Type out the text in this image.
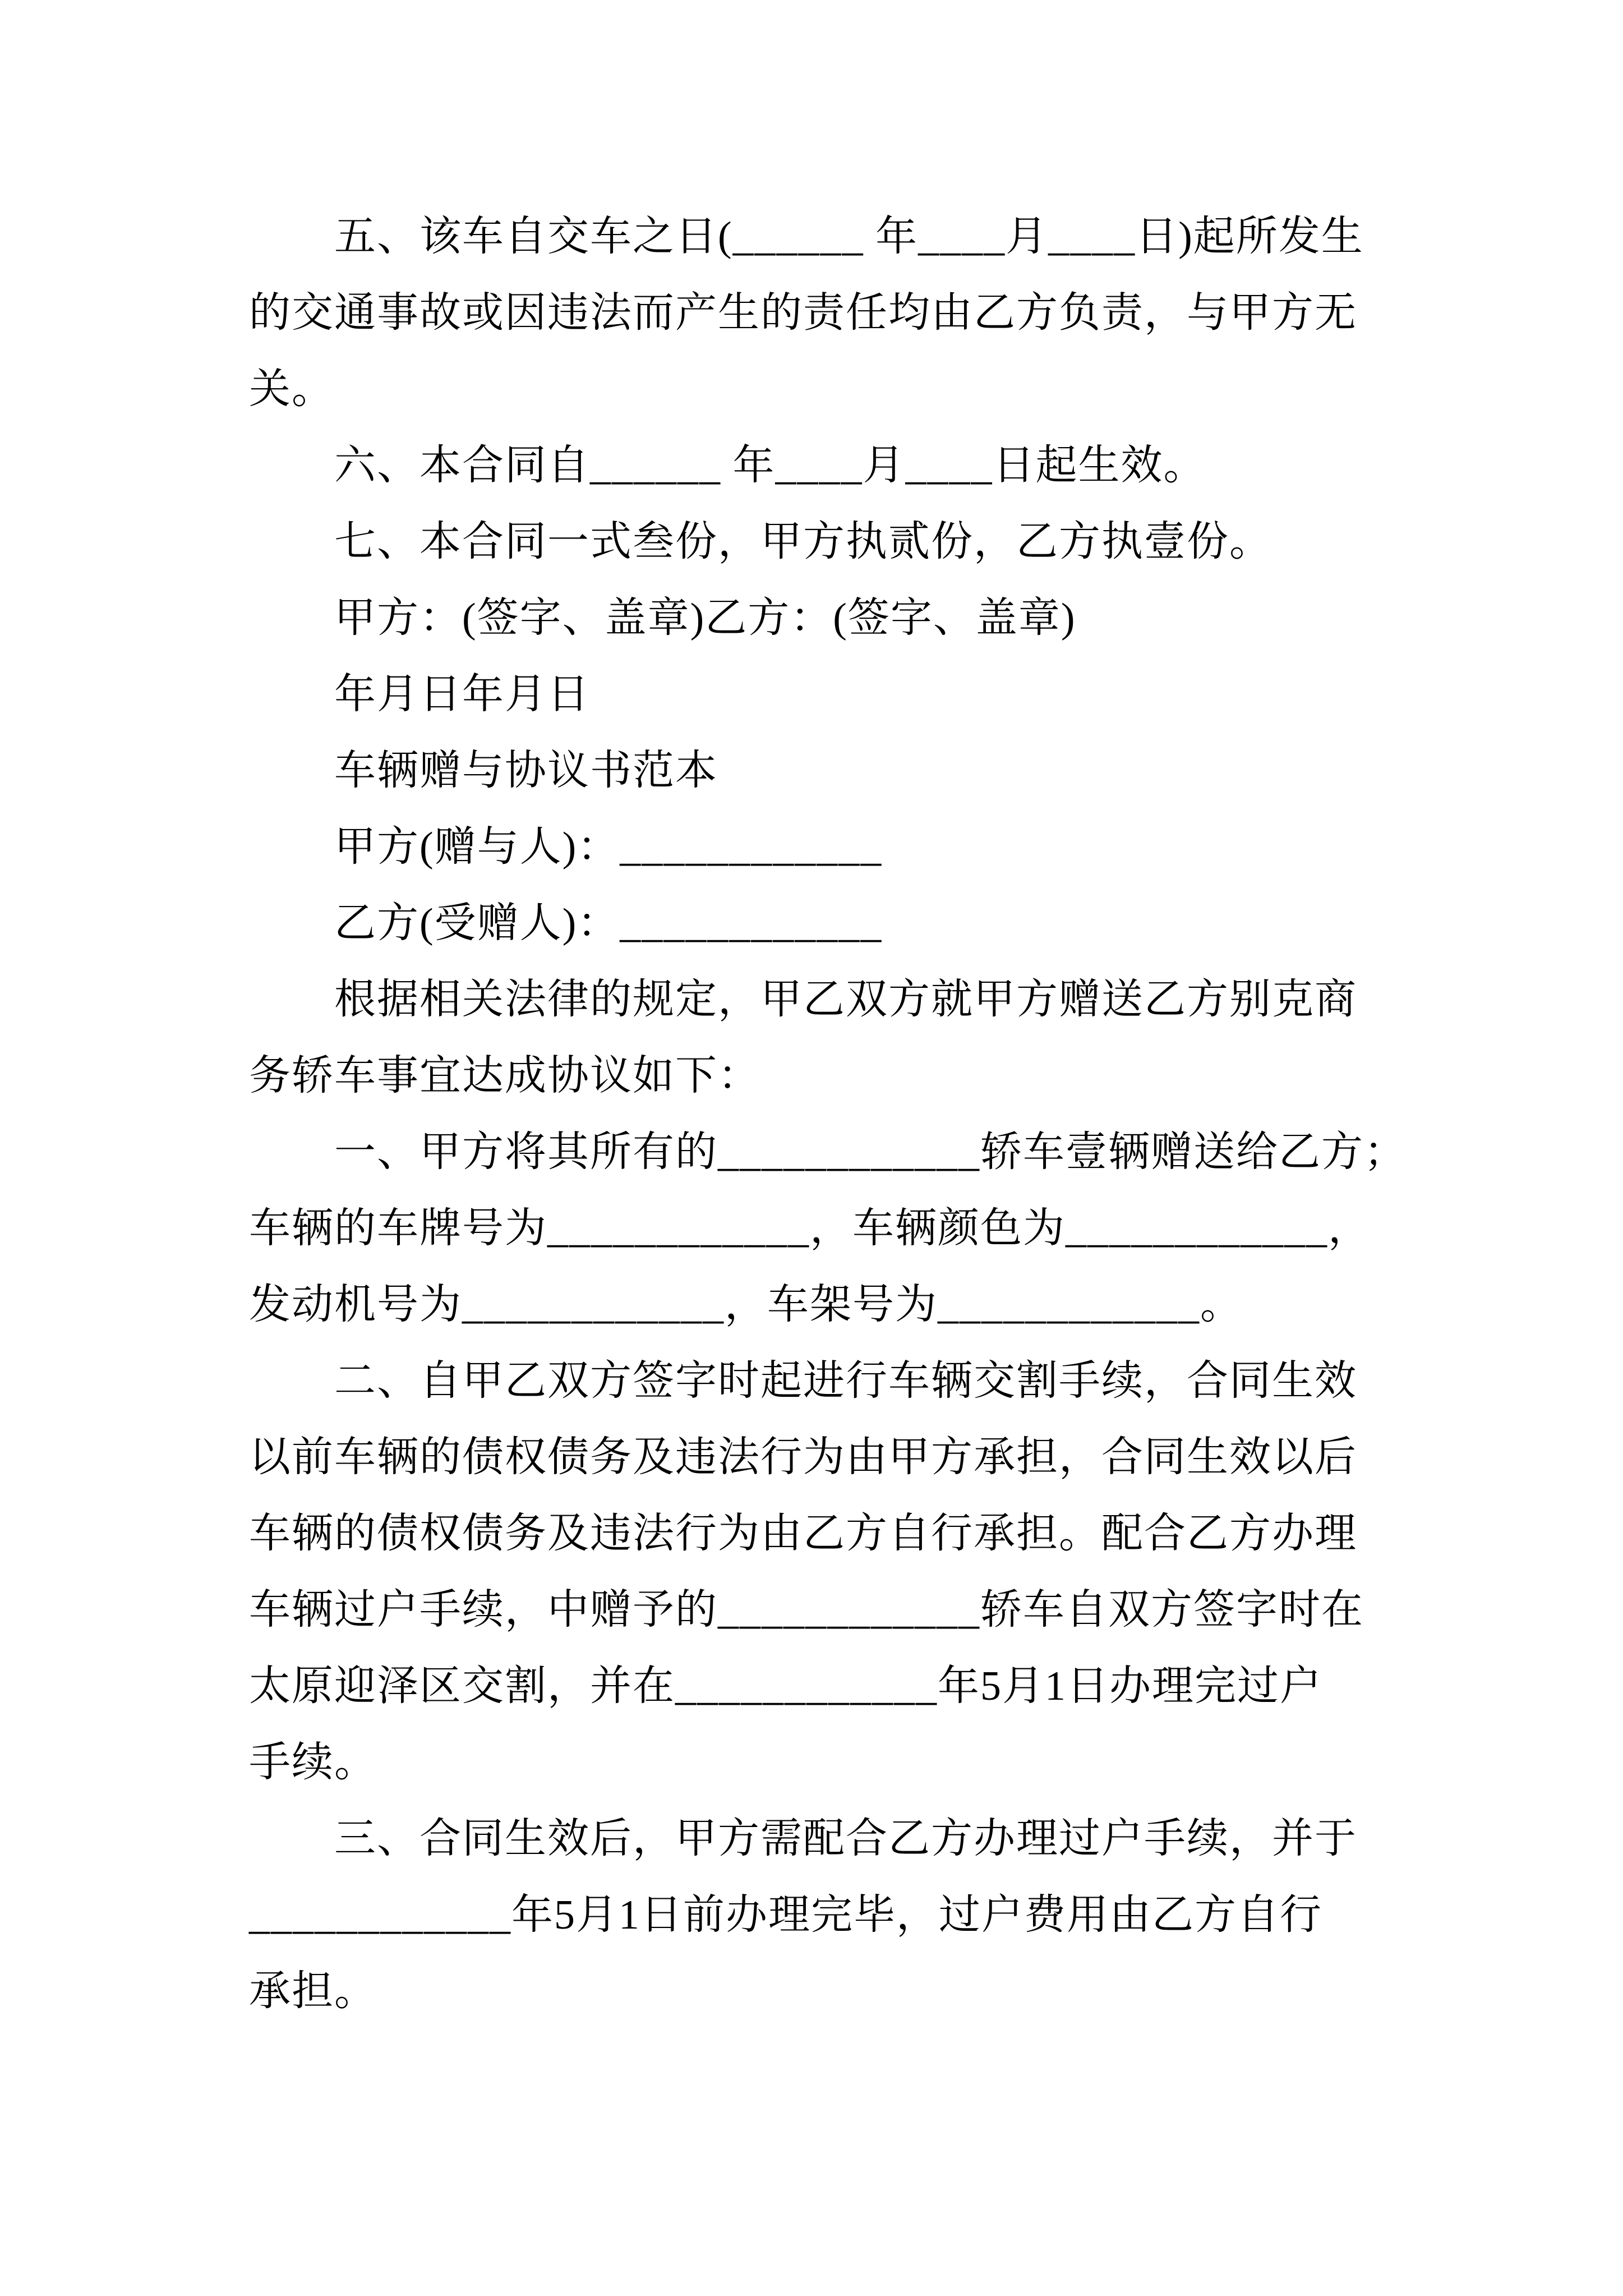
五、该车自交车之日(______ 年____月____日)起所发生
的交通事故或因违法而产生的责任均由乙方负责，与甲方无
关。
六、本合同自______ 年____月____日起生效。
七、本合同一式叁份，甲方执贰份，乙方执壹份。
甲方：(签字、盖章)乙方：(签字、盖章)
年月日年月日
车辆赠与协议书范本
甲方(赠与人)：____________
乙方(受赠人)：____________
根据相关法律的规定，甲乙双方就甲方赠送乙方别克商
务轿车事宜达成协议如下：
一、甲方将其所有的____________轿车壹辆赠送给乙方；
车辆的车牌号为____________，车辆颜色为____________，
发动机号为____________，车架号为____________。
二、自甲乙双方签字时起进行车辆交割手续，合同生效
以前车辆的债权债务及违法行为由甲方承担，合同生效以后
车辆的债权债务及违法行为由乙方自行承担。配合乙方办理
车辆过户手续，中赠予的____________轿车自双方签字时在
太原迎泽区交割，并在____________年5月1日办理完过户
手续。
三、合同生效后，甲方需配合乙方办理过户手续，并于
____________年5月1日前办理完毕，过户费用由乙方自行
承担。
